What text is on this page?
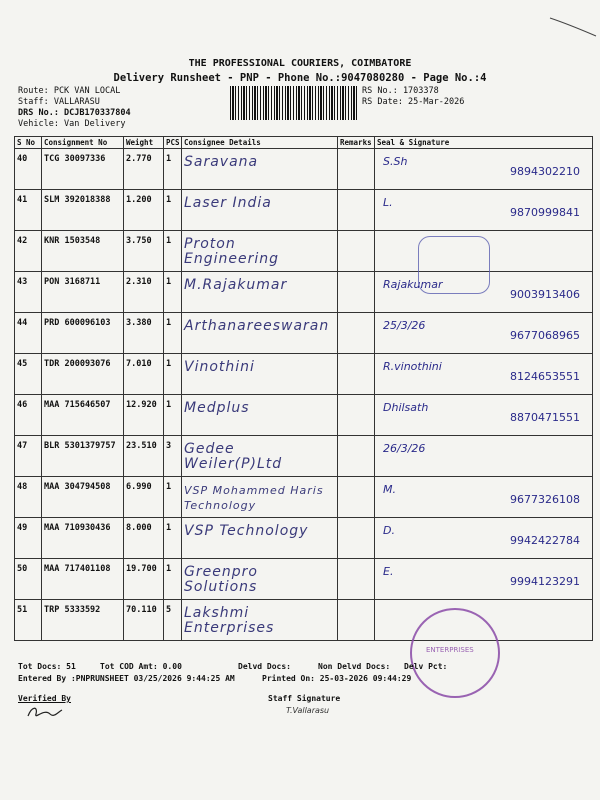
THE PROFESSIONAL COURIERS, COIMBATORE
Delivery Runsheet - PNP - Phone No.:9047080280 - Page No.:4
Route: PCK VAN LOCAL
Staff: VALLARASU
DRS No.: DCJB170337804
Vehicle: Van Delivery
RS No.: 1703378
RS Date: 25-Mar-2026
S No	Consignment No	Weight	PCS	Consignee Details	Remarks	Seal & Signature
40	TCG 30097336	2.770	1	Saravana		S.Sh
9894302210

41	SLM 392018388	1.200	1	Laser India		L.
9870999841

42	KNR 1503548	3.750	1	Proton Engineering		

43	PON 3168711	2.310	1	M.Rajakumar		Rajakumar
9003913406

44	PRD 600096103	3.380	1	Arthanareeswaran		25/3/26
9677068965

45	TDR 200093076	7.010	1	Vinothini		R.vinothini
8124653551

46	MAA 715646507	12.920	1	Medplus		Dhilsath
8870471551

47	BLR 5301379757	23.510	3	Gedee Weiler(P)Ltd		26/3/26

48	MAA 304794508	6.990	1	VSP Mohammed Haris Technology		M.
9677326108

49	MAA 710930436	8.000	1	VSP Technology		D.
9942422784

50	MAA 717401108	19.700	1	Greenpro Solutions		E.
9994123291

51	TRP 5333592	70.110	5	Lakshmi Enterprises		
ENTERPRISES
Tot Docs: 51	Tot COD Amt: 0.00	Delvd Docs:	Non Delvd Docs: Delv Pct:
Entered By :PNPRUNSHEET 03/25/2026 9:44:25 AM	Printed On: 25-03-2026 09:44:29
Verified By	Staff Signature
T.Vallarasu
